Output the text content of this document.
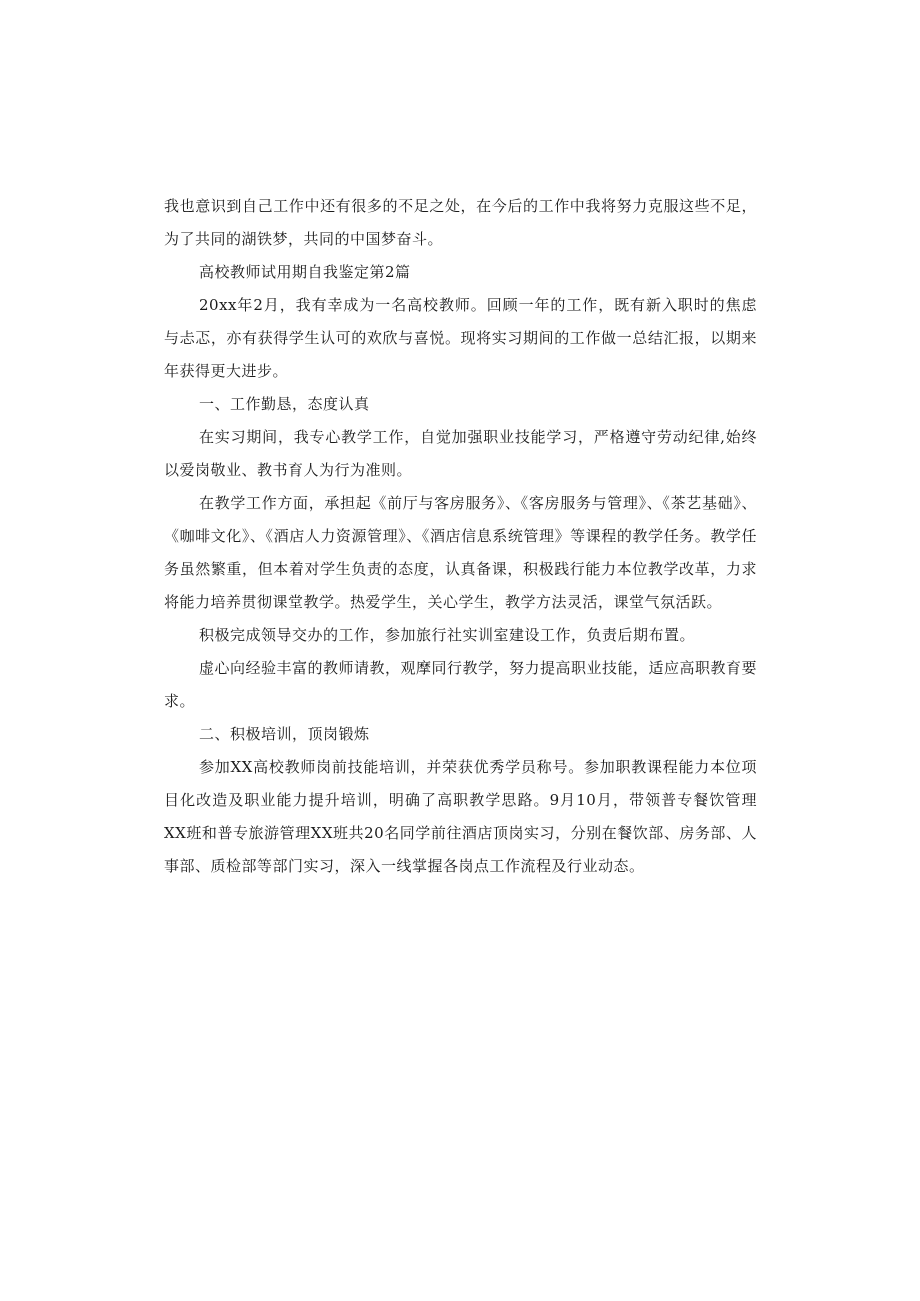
我也意识到自己工作中还有很多的不足之处，在今后的工作中我将努力克服这些不足，为了共同的湖铁梦，共同的中国梦奋斗。

高校教师试用期自我鉴定第2篇

20xx年2月，我有幸成为一名高校教师。回顾一年的工作，既有新入职时的焦虑与忐忑，亦有获得学生认可的欢欣与喜悦。现将实习期间的工作做一总结汇报，以期来年获得更大进步。

一、工作勤恳，态度认真

在实习期间，我专心教学工作，自觉加强职业技能学习，严格遵守劳动纪律,始终以爱岗敬业、教书育人为行为准则。

在教学工作方面，承担起《前厅与客房服务》、《客房服务与管理》、《茶艺基础》、《咖啡文化》、《酒店人力资源管理》、《酒店信息系统管理》等课程的教学任务。教学任务虽然繁重，但本着对学生负责的态度，认真备课，积极践行能力本位教学改革，力求将能力培养贯彻课堂教学。热爱学生，关心学生，教学方法灵活，课堂气氛活跃。

积极完成领导交办的工作，参加旅行社实训室建设工作，负责后期布置。

虚心向经验丰富的教师请教，观摩同行教学，努力提高职业技能，适应高职教育要求。

二、积极培训，顶岗锻炼

参加XX高校教师岗前技能培训，并荣获优秀学员称号。参加职教课程能力本位项目化改造及职业能力提升培训，明确了高职教学思路。9月10月，带领普专餐饮管理XX班和普专旅游管理XX班共20名同学前往酒店顶岗实习，分别在餐饮部、房务部、人事部、质检部等部门实习，深入一线掌握各岗点工作流程及行业动态。
